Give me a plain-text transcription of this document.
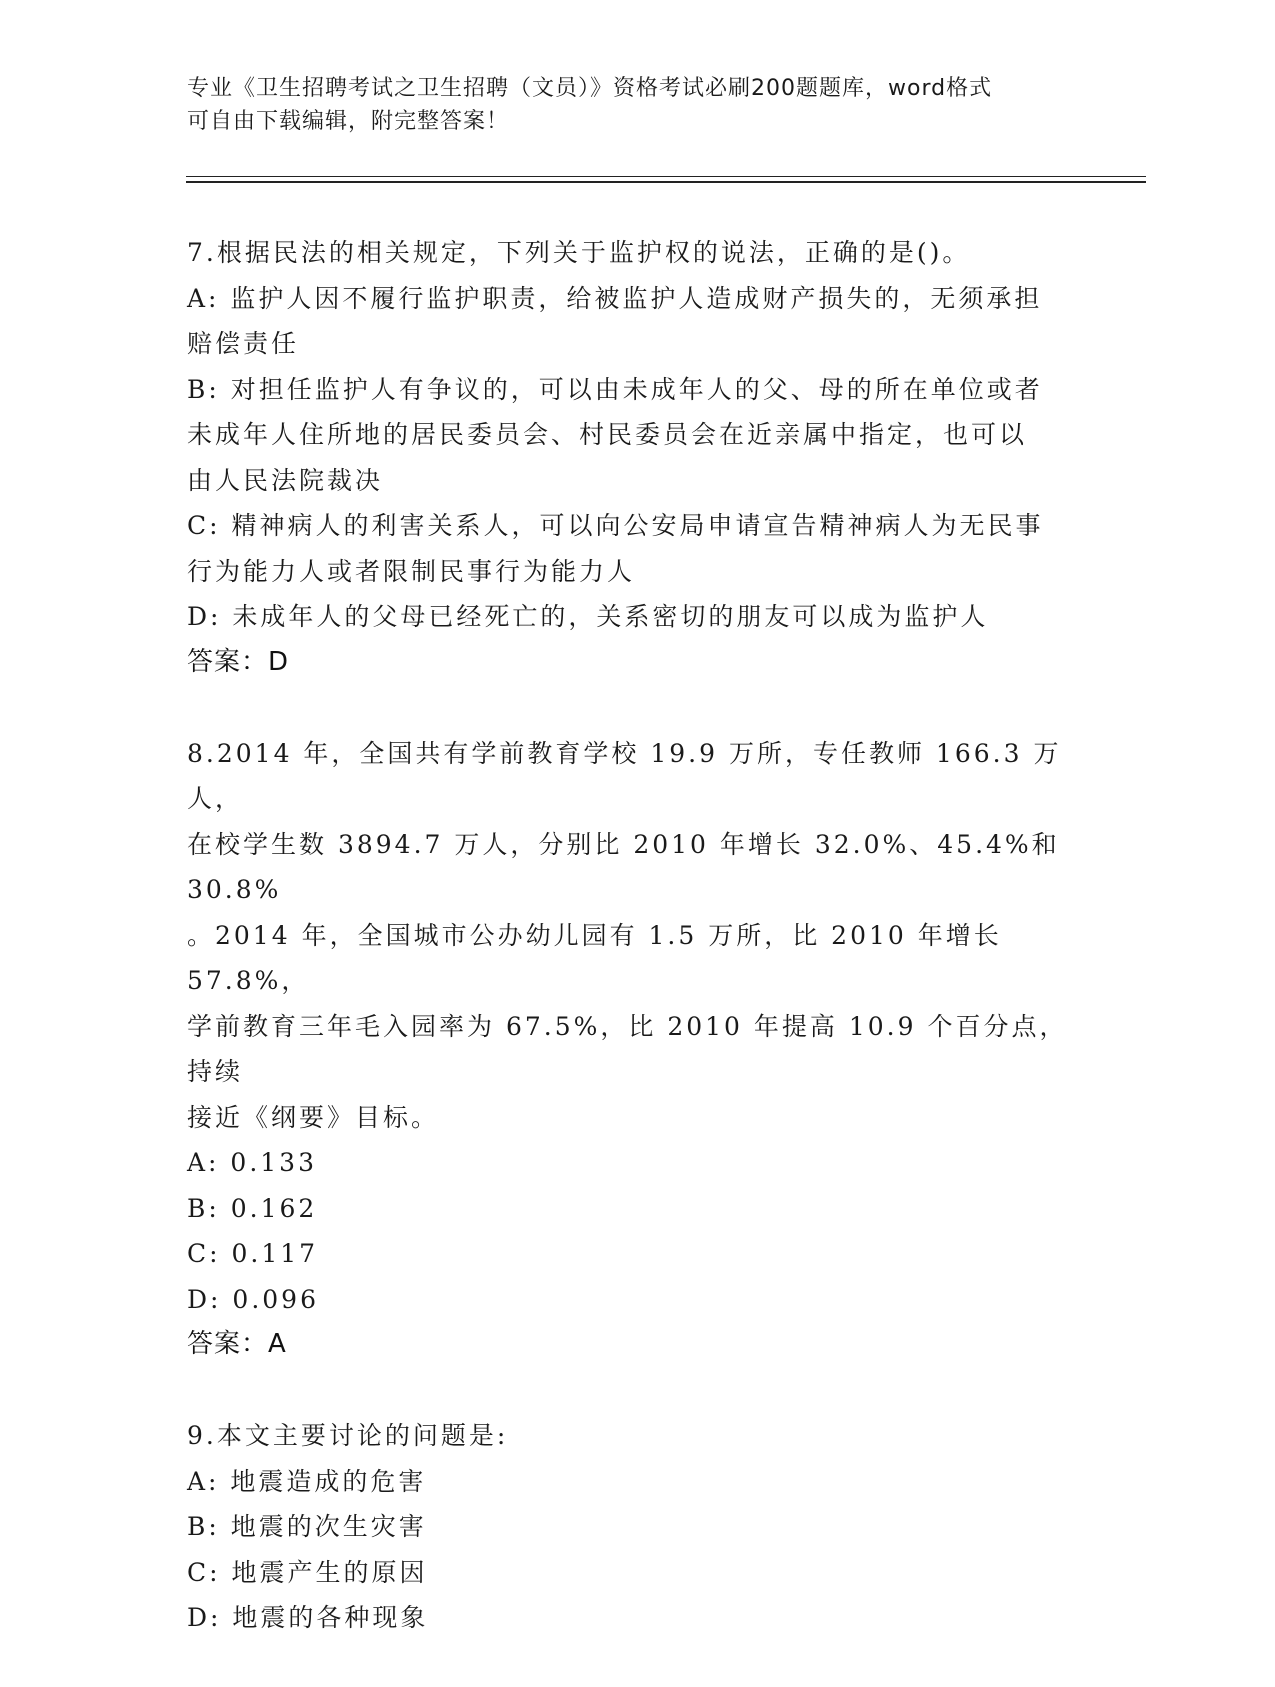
专业《卫生招聘考试之卫生招聘（文员）》资格考试必刷200题题库，word格式
可自由下载编辑，附完整答案！
7.根据民法的相关规定，下列关于监护权的说法，正确的是()。
A: 监护人因不履行监护职责，给被监护人造成财产损失的，无须承担
赔偿责任
B: 对担任监护人有争议的，可以由未成年人的父、母的所在单位或者
未成年人住所地的居民委员会、村民委员会在近亲属中指定，也可以
由人民法院裁决
C: 精神病人的利害关系人，可以向公安局申请宣告精神病人为无民事
行为能力人或者限制民事行为能力人
D: 未成年人的父母已经死亡的，关系密切的朋友可以成为监护人
答案：D
8.2014 年，全国共有学前教育学校 19.9 万所，专任教师 166.3 万人，
在校学生数 3894.7 万人，分别比 2010 年增长 32.0%、45.4%和 30.8%
。2014 年，全国城市公办幼儿园有 1.5 万所，比 2010 年增长 57.8%，
学前教育三年毛入园率为 67.5%，比 2010 年提高 10.9 个百分点，持续
接近《纲要》目标。
A: 0.133
B: 0.162
C: 0.117
D: 0.096
答案：A
9.本文主要讨论的问题是:
A: 地震造成的危害
B: 地震的次生灾害
C: 地震产生的原因
D: 地震的各种现象
